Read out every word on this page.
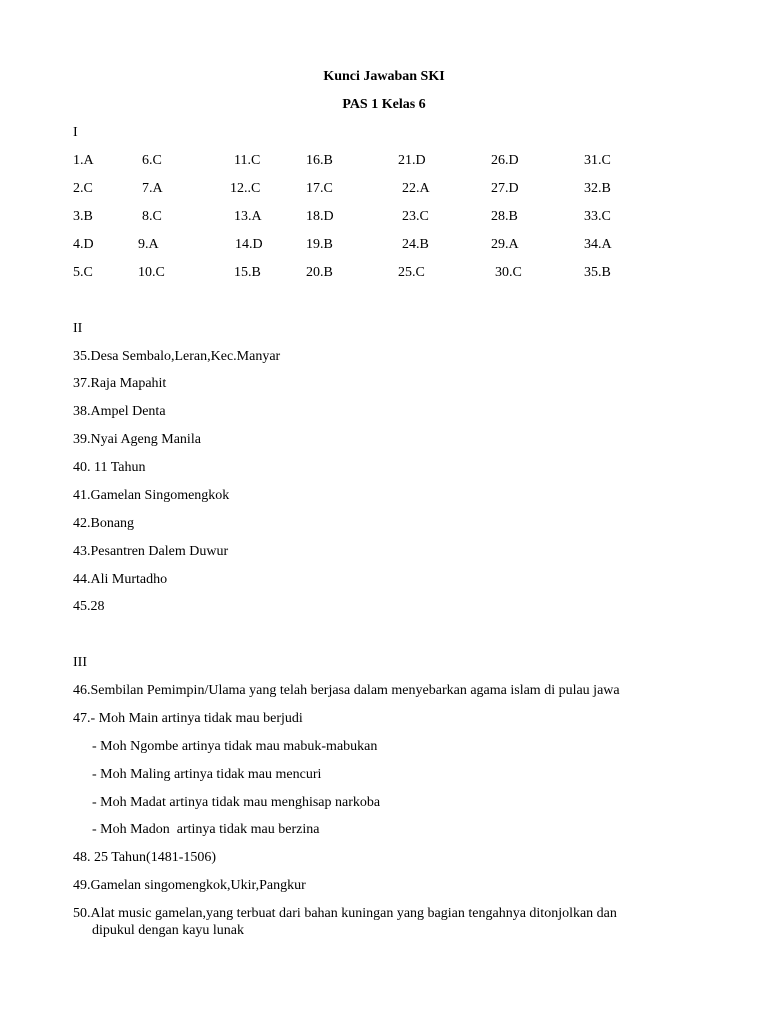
Kunci Jawaban SKI
PAS 1 Kelas 6
I
1.A	6.C	11.C	16.B	21.D	26.D	31.C
2.C	7.A	12..C	17.C	22.A	27.D	32.B
3.B	8.C	13.A	18.D	23.C	28.B	33.C
4.D	9.A	14.D	19.B	24.B	29.A	34.A
5.C	10.C	15.B	20.B	25.C	30.C	35.B
II
35.Desa Sembalo,Leran,Kec.Manyar
37.Raja Mapahit
38.Ampel Denta
39.Nyai Ageng Manila
40. 11 Tahun
41.Gamelan Singomengkok
42.Bonang
43.Pesantren Dalem Duwur
44.Ali Murtadho
45.28
III
46.Sembilan Pemimpin/Ulama yang telah berjasa dalam menyebarkan agama islam di pulau jawa
47.- Moh Main artinya tidak mau berjudi
- Moh Ngombe artinya tidak mau mabuk-mabukan
- Moh Maling artinya tidak mau mencuri
- Moh Madat artinya tidak mau menghisap narkoba
- Moh Madon  artinya tidak mau berzina
48. 25 Tahun(1481-1506)
49.Gamelan singomengkok,Ukir,Pangkur
50.Alat music gamelan,yang terbuat dari bahan kuningan yang bagian tengahnya ditonjolkan dan
dipukul dengan kayu lunak
